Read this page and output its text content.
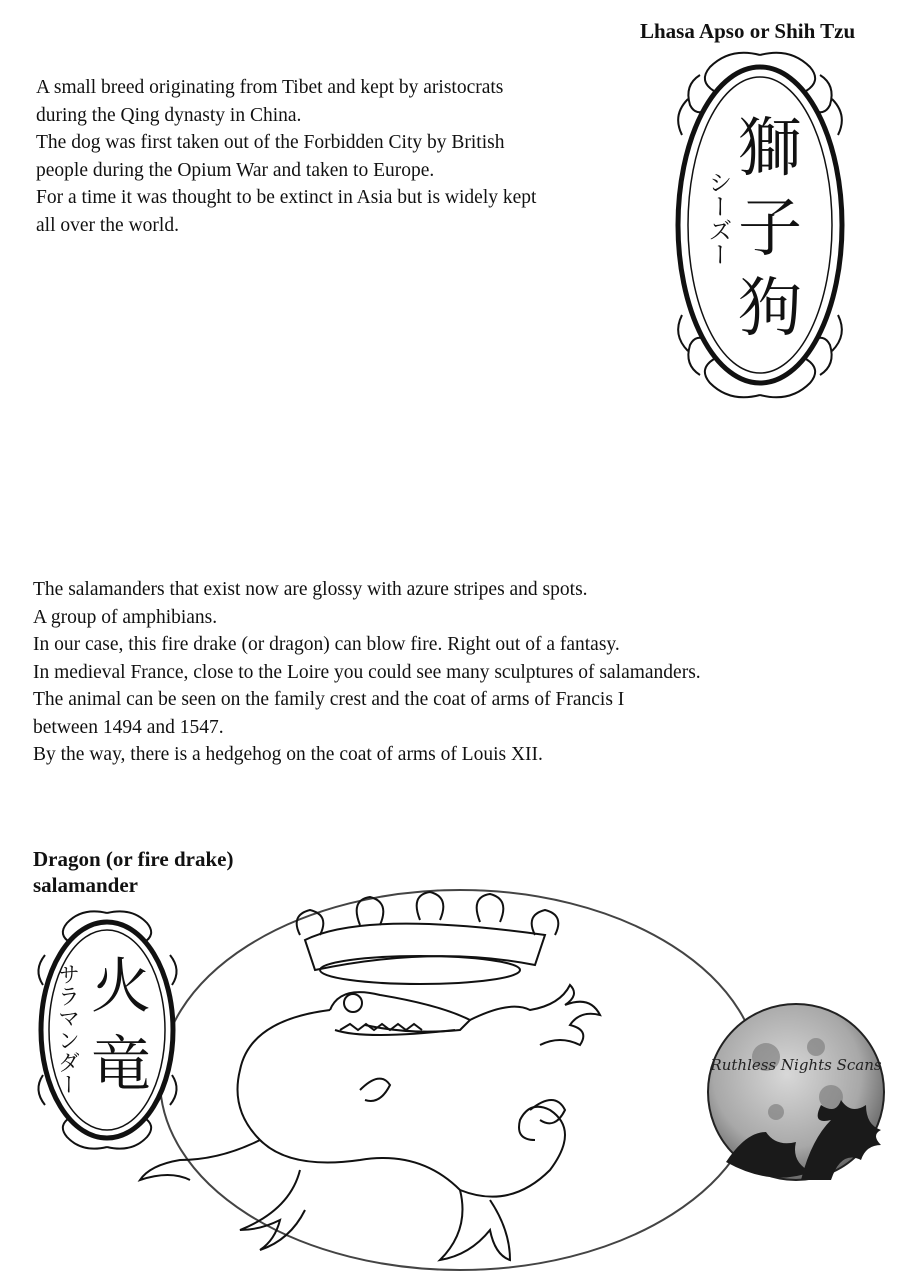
Lhasa Apso or Shih Tzu
A small breed originating from Tibet and kept by aristocrats
during the Qing dynasty in China.
The dog was first taken out of the Forbidden City by British
people during the Opium War and taken to Europe.
For a time it was thought to be extinct in Asia but is widely kept
all over the world.
獅
子
狗
シーズー
The salamanders that exist now are glossy with azure stripes and spots.
A group of amphibians.
In our case, this fire drake (or dragon) can blow fire. Right out of a fantasy.
In medieval France, close to the Loire you could see many sculptures of salamanders.
The animal can be seen on the family crest and the coat of arms of Francis I
between 1494 and 1547.
By the way, there is a hedgehog on the coat of arms of Louis XII.
Dragon (or fire drake)
salamander
火
竜
サラマンダー	Ruthless Nights Scans
